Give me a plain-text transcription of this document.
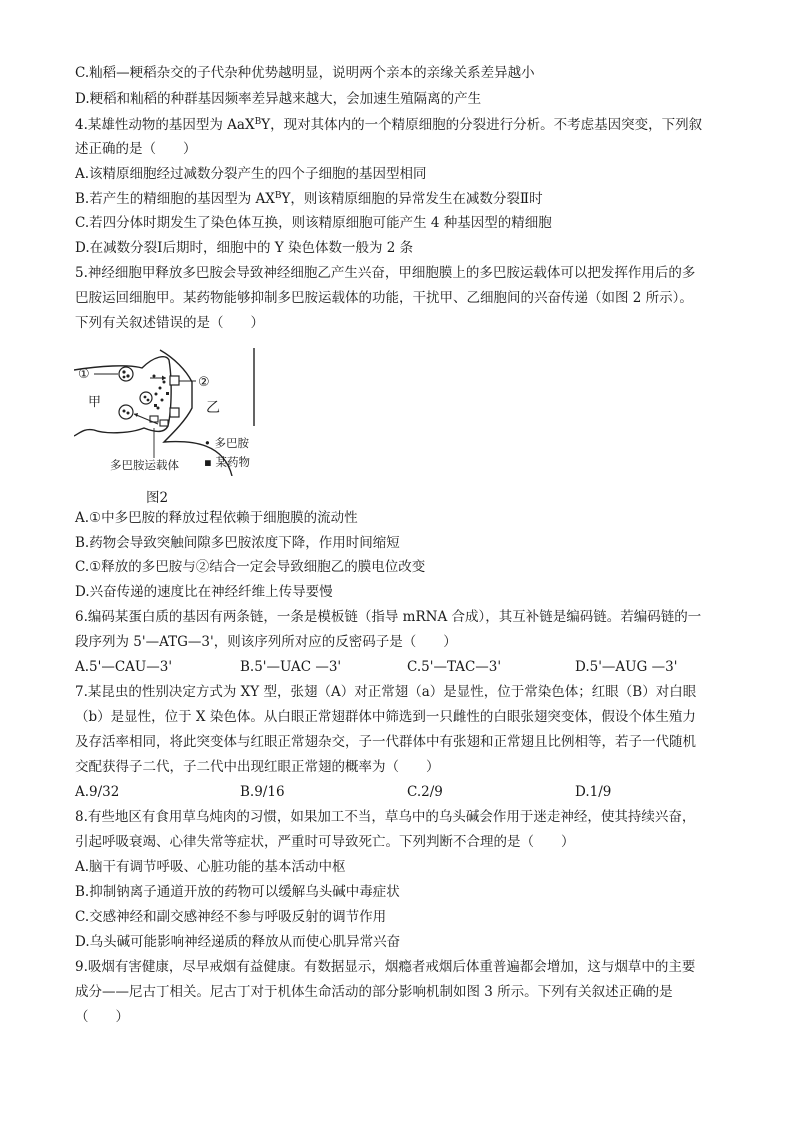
C.籼稻—粳稻杂交的子代杂种优势越明显，说明两个亲本的亲缘关系差异越小
D.粳稻和籼稻的种群基因频率差异越来越大，会加速生殖隔离的产生
4.某雄性动物的基因型为 AaX$^B$Y，现对其体内的一个精原细胞的分裂进行分析。不考虑基因突变，下列叙
述正确的是（　　）
A.该精原细胞经过减数分裂产生的四个子细胞的基因型相同
B.若产生的精细胞的基因型为 $AX^BY$，则该精原细胞的异常发生在减数分裂Ⅱ时
C.若四分体时期发生了染色体互换，则该精原细胞可能产生 4 种基因型的精细胞
D.在减数分裂Ⅰ后期时，细胞中的 Y 染色体数一般为 2 条
5.神经细胞甲释放多巴胺会导致神经细胞乙产生兴奋，甲细胞膜上的多巴胺运载体可以把发挥作用后的多
巴胺运回细胞甲。某药物能够抑制多巴胺运载体的功能，干扰甲、乙细胞间的兴奋传递（如图 2 所示）。
下列有关叙述错误的是（　　）
①
②
甲	乙
• 多巴胺
▪ 某药物
多巴胺运载体
图2
A.①中多巴胺的释放过程依赖于细胞膜的流动性
B.药物会导致突触间隙多巴胺浓度下降，作用时间缩短
C.①释放的多巴胺与②结合一定会导致细胞乙的膜电位改变
D.兴奋传递的速度比在神经纤维上传导要慢
6.编码某蛋白质的基因有两条链，一条是模板链（指导 mRNA 合成），其互补链是编码链。若编码链的一
段序列为 5'—ATG—3'，则该序列所对应的反密码子是（　　）
A.5'—CAU—3'	B.5'—UAC —3'	C.5'—TAC—3'	D.5'—AUG —3'
7.某昆虫的性别决定方式为 XY 型，张翅（A）对正常翅（a）是显性，位于常染色体；红眼（B）对白眼
（b）是显性，位于 X 染色体。从白眼正常翅群体中筛选到一只雌性的白眼张翅突变体，假设个体生殖力
及存活率相同，将此突变体与红眼正常翅杂交，子一代群体中有张翅和正常翅且比例相等，若子一代随机
交配获得子二代，子二代中出现红眼正常翅的概率为（　　）
A.9/32	B.9/16	C.2/9	D.1/9
8.有些地区有食用草乌炖肉的习惯，如果加工不当，草乌中的乌头碱会作用于迷走神经，使其持续兴奋，
引起呼吸衰竭、心律失常等症状，严重时可导致死亡。下列判断不合理的是（　　）
A.脑干有调节呼吸、心脏功能的基本活动中枢
B.抑制钠离子通道开放的药物可以缓解乌头碱中毒症状
C.交感神经和副交感神经不参与呼吸反射的调节作用
D.乌头碱可能影响神经递质的释放从而使心肌异常兴奋
9.吸烟有害健康，尽早戒烟有益健康。有数据显示，烟瘾者戒烟后体重普遍都会增加，这与烟草中的主要
成分——尼古丁相关。尼古丁对于机体生命活动的部分影响机制如图 3 所示。下列有关叙述正确的是
（　　）
